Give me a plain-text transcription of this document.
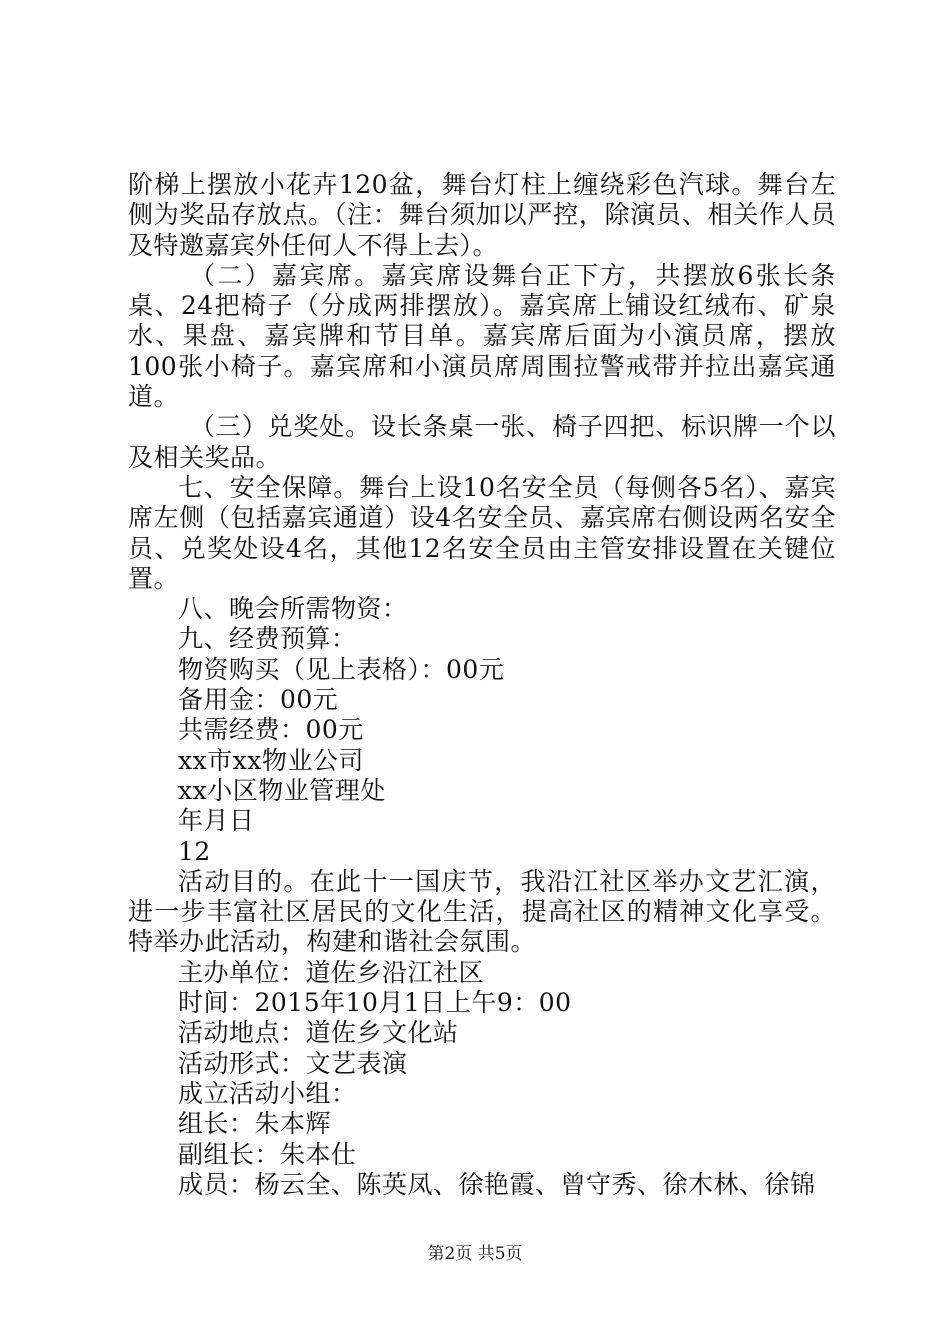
阶梯上摆放小花卉120盆，舞台灯柱上缠绕彩色汽球。舞台左侧为奖品存放点。（注：舞台须加以严控，除演员、相关作人员及特邀嘉宾外任何人不得上去）。

（二）嘉宾席。嘉宾席设舞台正下方，共摆放6张长条桌、24把椅子（分成两排摆放）。嘉宾席上铺设红绒布、矿泉水、果盘、嘉宾牌和节目单。嘉宾席后面为小演员席，摆放100张小椅子。嘉宾席和小演员席周围拉警戒带并拉出嘉宾通道。

（三）兑奖处。设长条桌一张、椅子四把、标识牌一个以及相关奖品。

七、安全保障。舞台上设10名安全员（每侧各5名）、嘉宾席左侧（包括嘉宾通道）设4名安全员、嘉宾席右侧设两名安全员、兑奖处设4名，其他12名安全员由主管安排设置在关键位置。

八、晚会所需物资：

九、经费预算：

物资购买（见上表格）：00元

备用金：00元

共需经费：00元

xx市xx物业公司

xx小区物业管理处

年月日

12

活动目的。在此十一国庆节，我沿江社区举办文艺汇演，进一步丰富社区居民的文化生活，提高社区的精神文化享受。特举办此活动，构建和谐社会氛围。

主办单位：道佐乡沿江社区

时间：2015年10月1日上午9：00

活动地点：道佐乡文化站

活动形式：文艺表演

成立活动小组：

组长：朱本辉

副组长：朱本仕

成员：杨云全、陈英凤、徐艳霞、曾守秀、徐木林、徐锦

第2页 共5页
